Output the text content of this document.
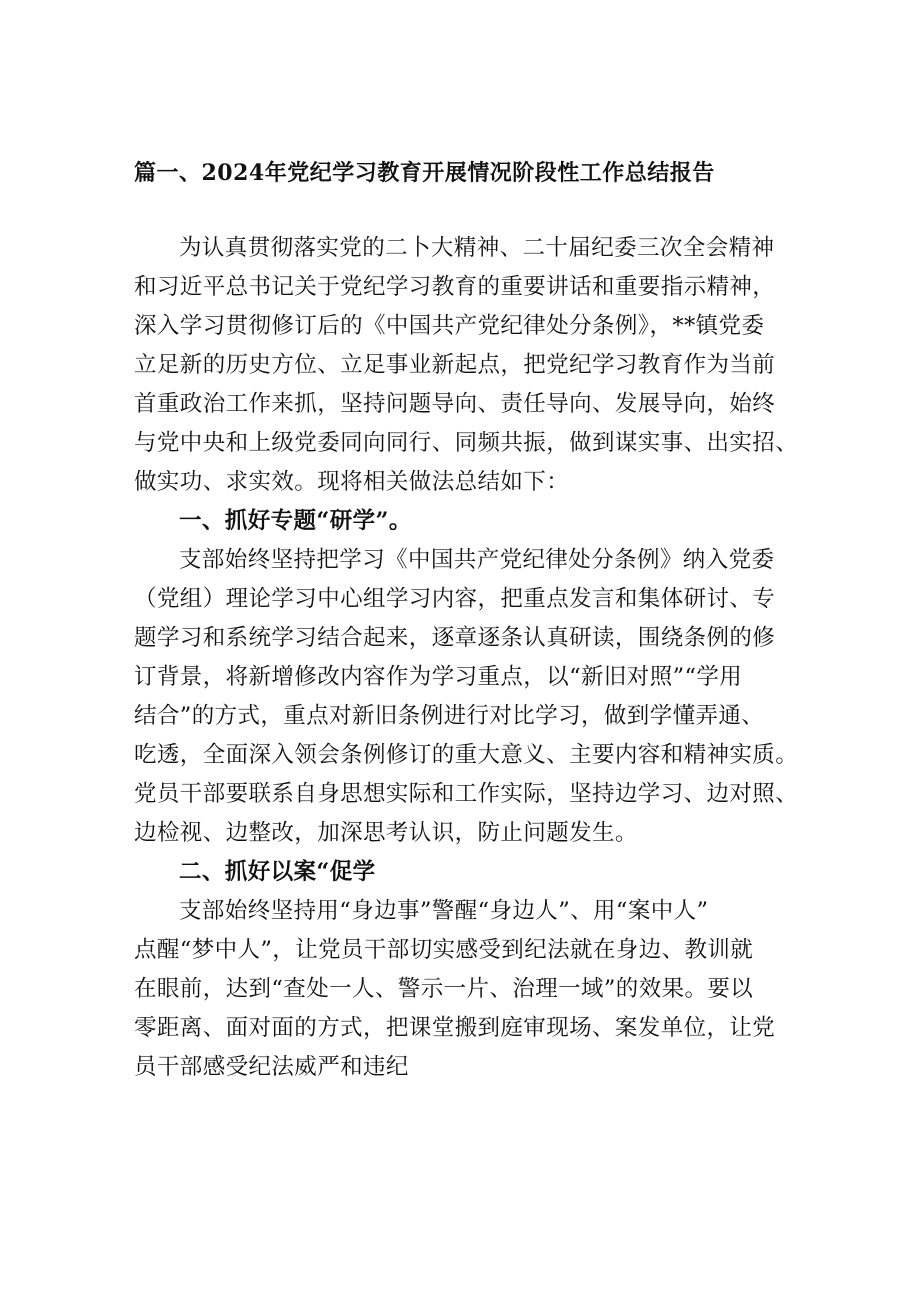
篇一、2024年党纪学习教育开展情况阶段性工作总结报告
为认真贯彻落实党的二卜大精神、二十届纪委三次全会精神
和习近平总书记关于党纪学习教育的重要讲话和重要指示精神，
深入学习贯彻修订后的《中国共产党纪律处分条例》，**镇党委
立足新的历史方位、立足事业新起点，把党纪学习教育作为当前
首重政治工作来抓，坚持问题导向、责任导向、发展导向，始终
与党中央和上级党委同向同行、同频共振，做到谋实事、出实招、
做实功、求实效。现将相关做法总结如下：
一、抓好专题“研学”。
支部始终坚持把学习《中国共产党纪律处分条例》纳入党委
（党组）理论学习中心组学习内容，把重点发言和集体研讨、专
题学习和系统学习结合起来，逐章逐条认真研读，围绕条例的修
订背景，将新增修改内容作为学习重点，以“新旧对照”“学用
结合”的方式，重点对新旧条例进行对比学习，做到学懂弄通、
吃透，全面深入领会条例修订的重大意义、主要内容和精神实质。
党员干部要联系自身思想实际和工作实际，坚持边学习、边对照、
边检视、边整改，加深思考认识，防止问题发生。
二、抓好以案“促学
支部始终坚持用“身边事”警醒“身边人”、用“案中人”
点醒“梦中人”，让党员干部切实感受到纪法就在身边、教训就
在眼前，达到“查处一人、警示一片、治理一域”的效果。要以
零距离、面对面的方式，把课堂搬到庭审现场、案发单位，让党
员干部感受纪法威严和违纪
